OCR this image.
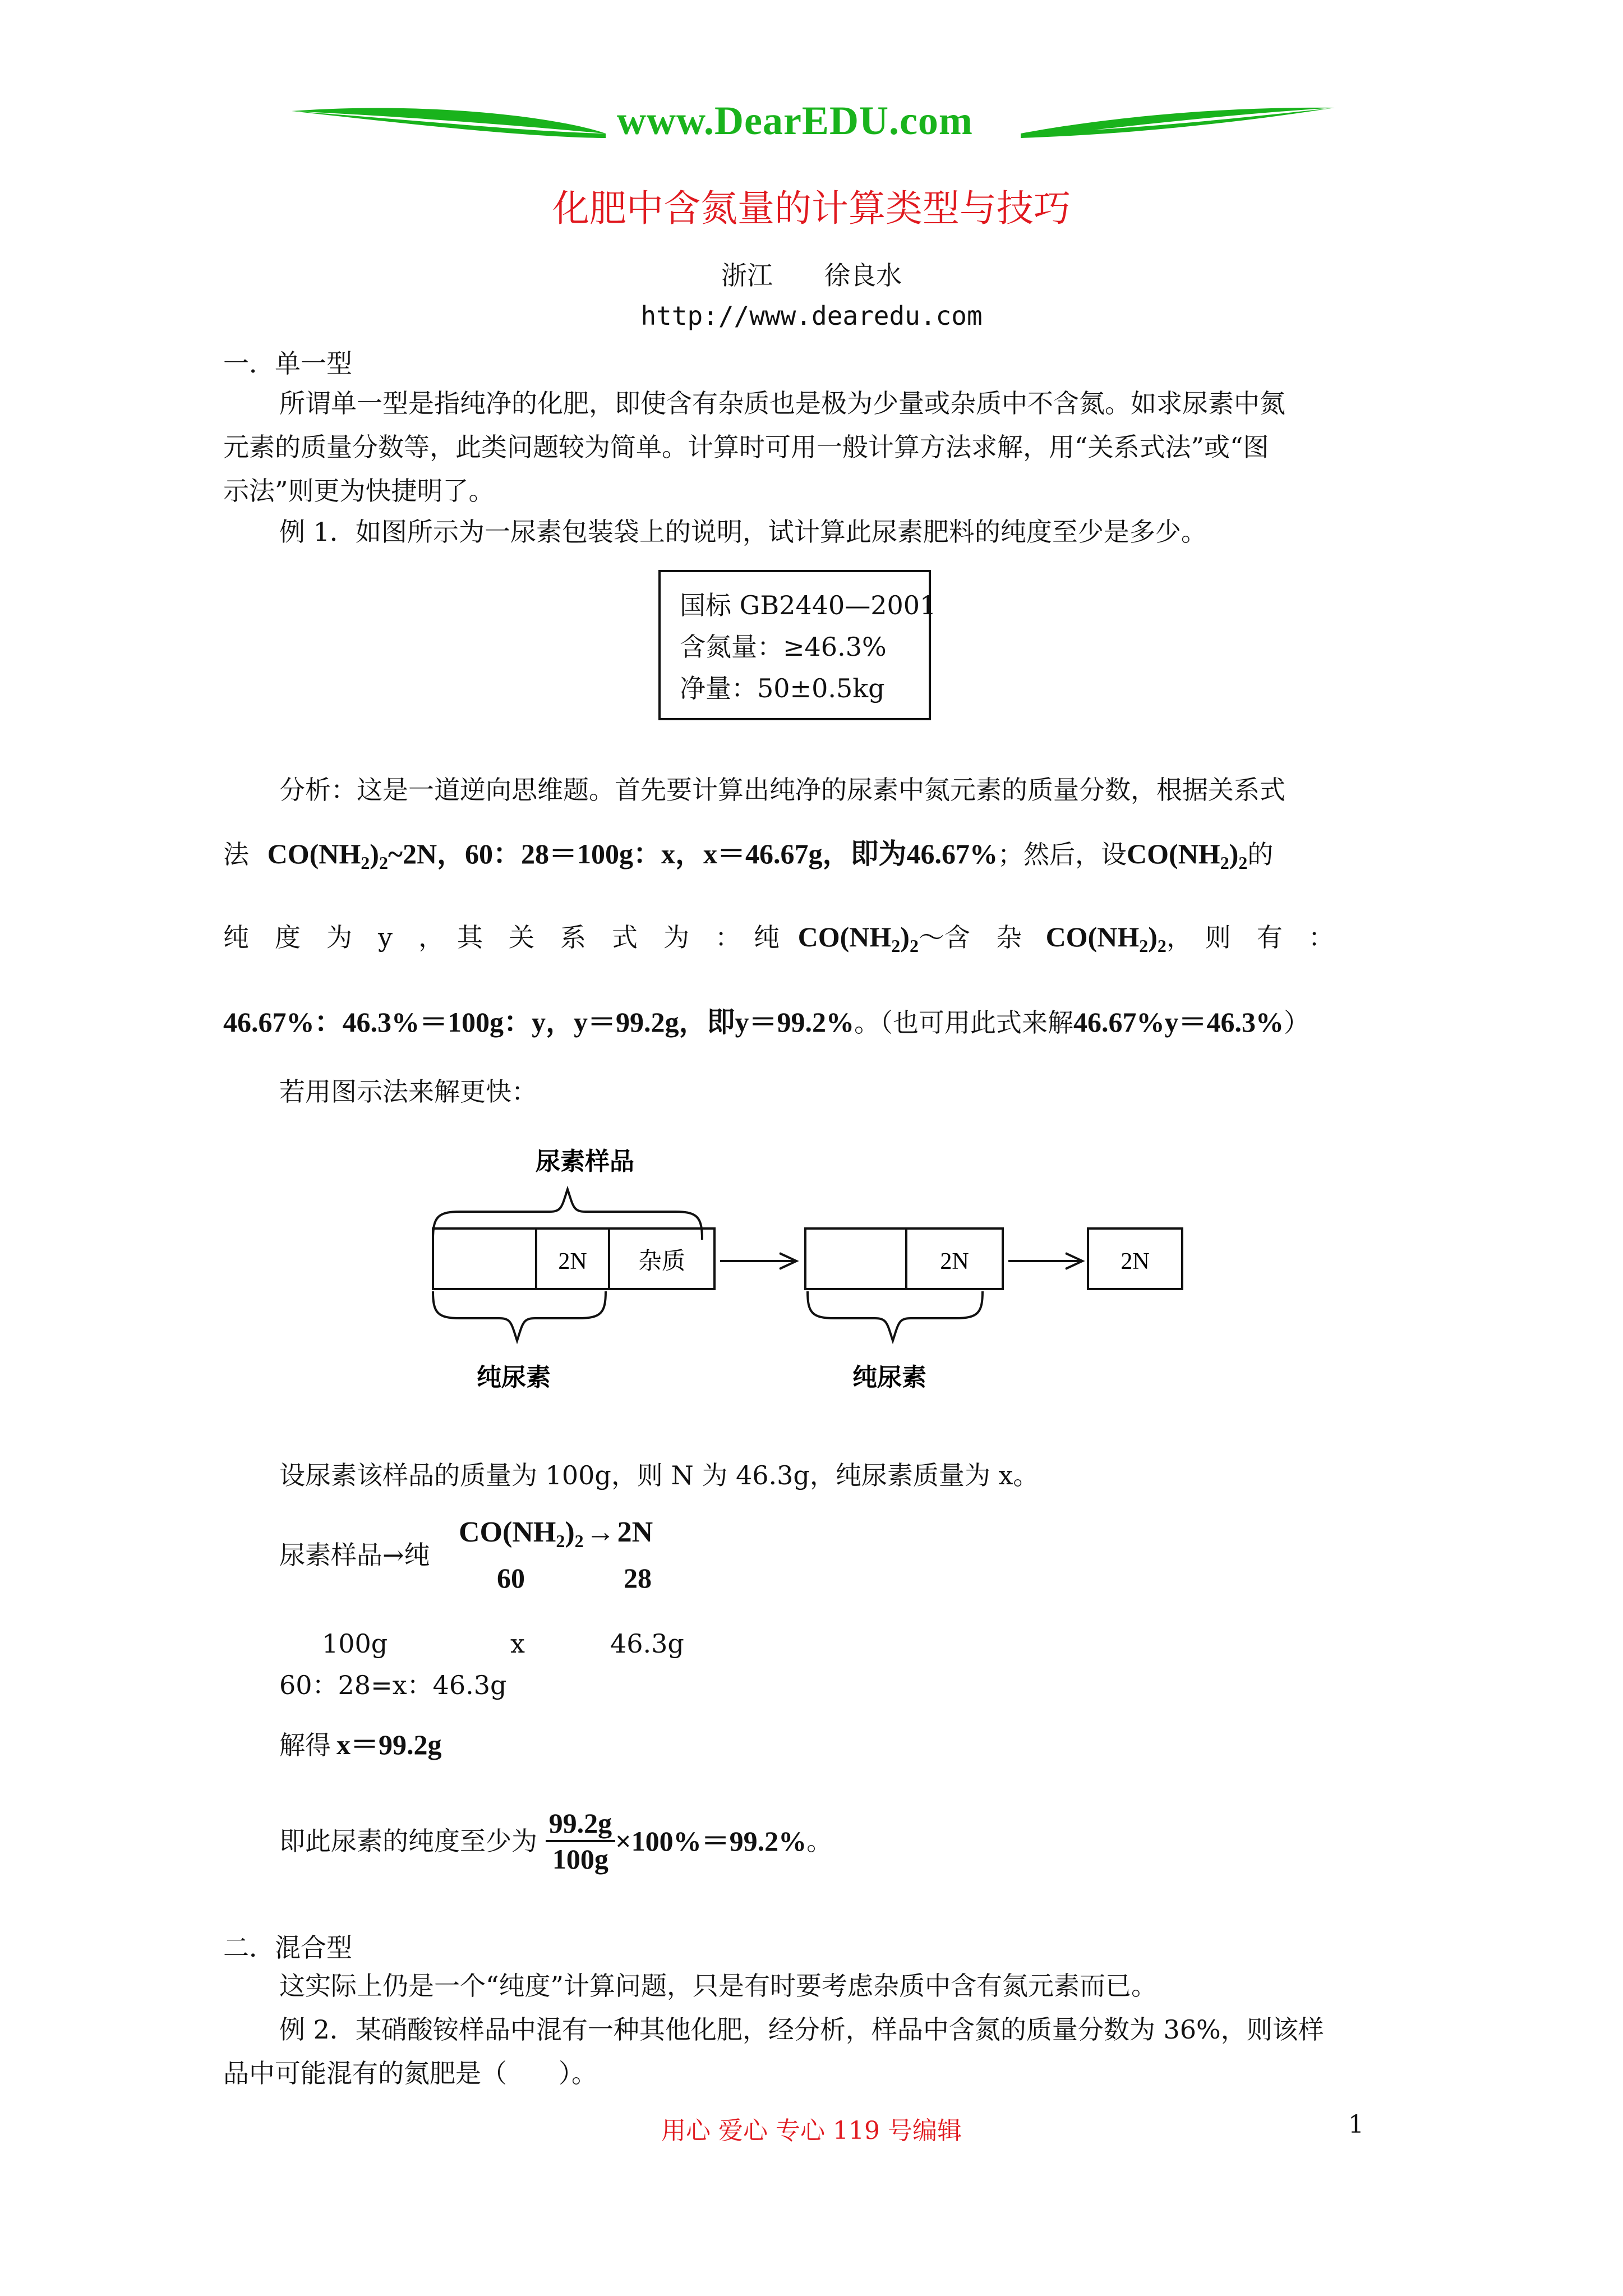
www.DearEDU.com
化肥中含氮量的计算类型与技巧
浙江　　徐良水
http://www.dearedu.com
一．单一型
所谓单一型是指纯净的化肥，即使含有杂质也是极为少量或杂质中不含氮。如求尿素中氮
元素的质量分数等，此类问题较为简单。计算时可用一般计算方法求解，用“关系式法”或“图
示法”则更为快捷明了。
例 1．如图所示为一尿素包装袋上的说明，试计算此尿素肥料的纯度至少是多少。
国标 GB2440—2001
含氮量：≥46.3%
净量：50±0.5kg
分析：这是一道逆向思维题。首先要计算出纯净的尿素中氮元素的质量分数，根据关系式
法 $CO(NH_2)_2\sim 2N$，60：28＝100g：x，x＝46.67g，即为46.67%；然后，设$CO(NH_2)_2$的
纯　度　为　y　，　其　关　系　式　为　：　纯 $CO(NH_2)_2\sim$含　杂 $CO(NH_2)_2$，　则　有　：
46.67%：46.3%＝100g：y，y＝99.2g，即y＝99.2%。（也可用此式来解46.67%y＝46.3%）
若用图示法来解更快：
尿素样品
2N 杂质	2N	2N
纯尿素	纯尿素
设尿素该样品的质量为 100g，则 N 为 46.3g，纯尿素质量为 x。
尿素样品→纯
$CO(NH_2)_2\to 2N$
60	28
100g	x	46.3g
60：28=x：46.3g
解得 x＝99.2g
即此尿素的纯度至少为 $\frac{99.2g}{100g} \times 100\%=99.2\%$。
二．混合型
这实际上仍是一个“纯度”计算问题，只是有时要考虑杂质中含有氮元素而已。
例 2．某硝酸铵样品中混有一种其他化肥，经分析，样品中含氮的质量分数为 36%，则该样
品中可能混有的氮肥是（　　）。
用心 爱心 专心 119 号编辑	1
